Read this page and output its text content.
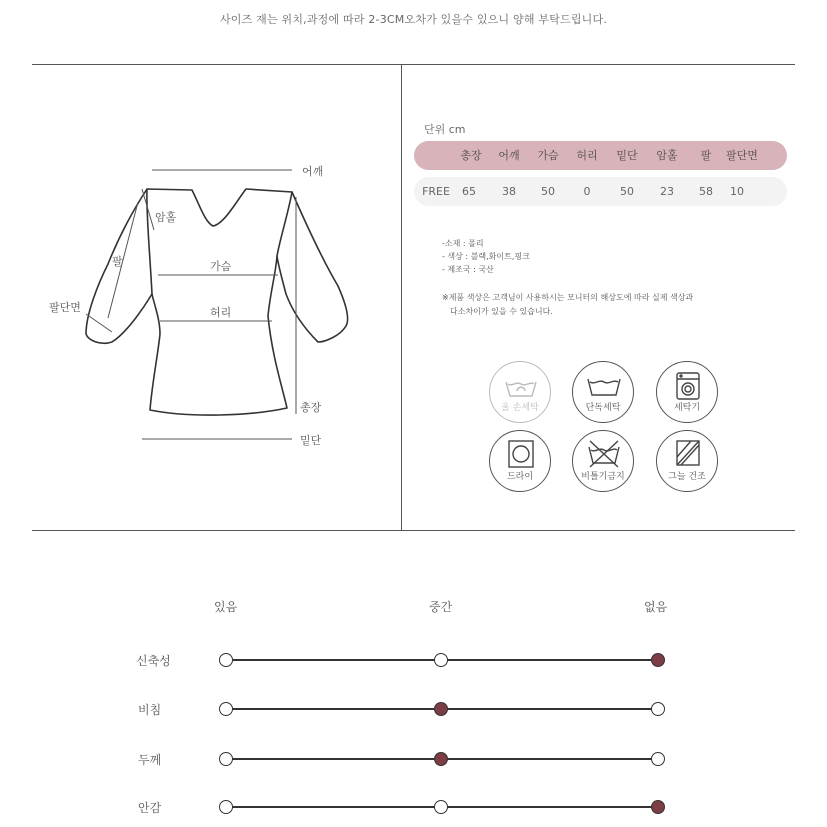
사이즈 재는 위치,과정에 따라 2-3CM오차가 있을수 있으니 양해 부탁드립니다.
어깨
암홀
팔	가슴
팔단면	허리
총장
밑단
단위 cm
총장	어깨	가슴	허리	밑단	암홀	팔	팔단면
FREE	65	38	50	0	50	23	58	10
-소재 : 폴리
- 색상 : 블랙,화이트,핑크
- 제조국 : 국산
※제품 색상은 고객님이 사용하시는 모니터의 해상도에 따라 실제 색상과
다소차이가 있을 수 있습니다.
울 손세탁	단독세탁	세탁기
드라이	비틀기금지	그늘 건조
있음	중간	없음
신축성
비침
두께
안감
